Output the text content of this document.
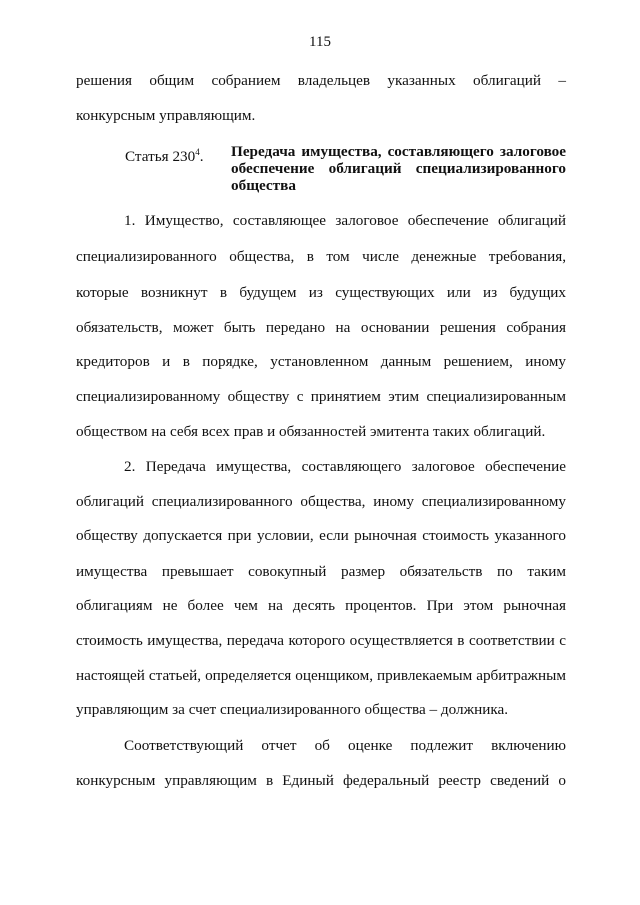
115
решения общим собранием владельцев указанных облигаций –
конкурсным управляющим.
1. Имущество, составляющее залоговое обеспечение облигаций
специализированного общества, в том числе денежные требования,
которые возникнут в будущем из существующих или из будущих
обязательств, может быть передано на основании решения собрания
кредиторов и в порядке, установленном данным решением, иному
специализированному обществу с принятием этим специализированным
обществом на себя всех прав и обязанностей эмитента таких облигаций.
2. Передача имущества, составляющего залоговое обеспечение
облигаций специализированного общества, иному специализированному
обществу допускается при условии, если рыночная стоимость указанного
имущества превышает совокупный размер обязательств по таким
облигациям не более чем на десять процентов. При этом рыночная
стоимость имущества, передача которого осуществляется в соответствии с
настоящей статьей, определяется оценщиком, привлекаемым арбитражным
управляющим за счет специализированного общества – должника.
Соответствующий отчет об оценке подлежит включению
конкурсным управляющим в Единый федеральный реестр сведений о
Статья $230^4$. Передача имущества, составляющего залоговое
обеспечение облигаций специализированного
общества
